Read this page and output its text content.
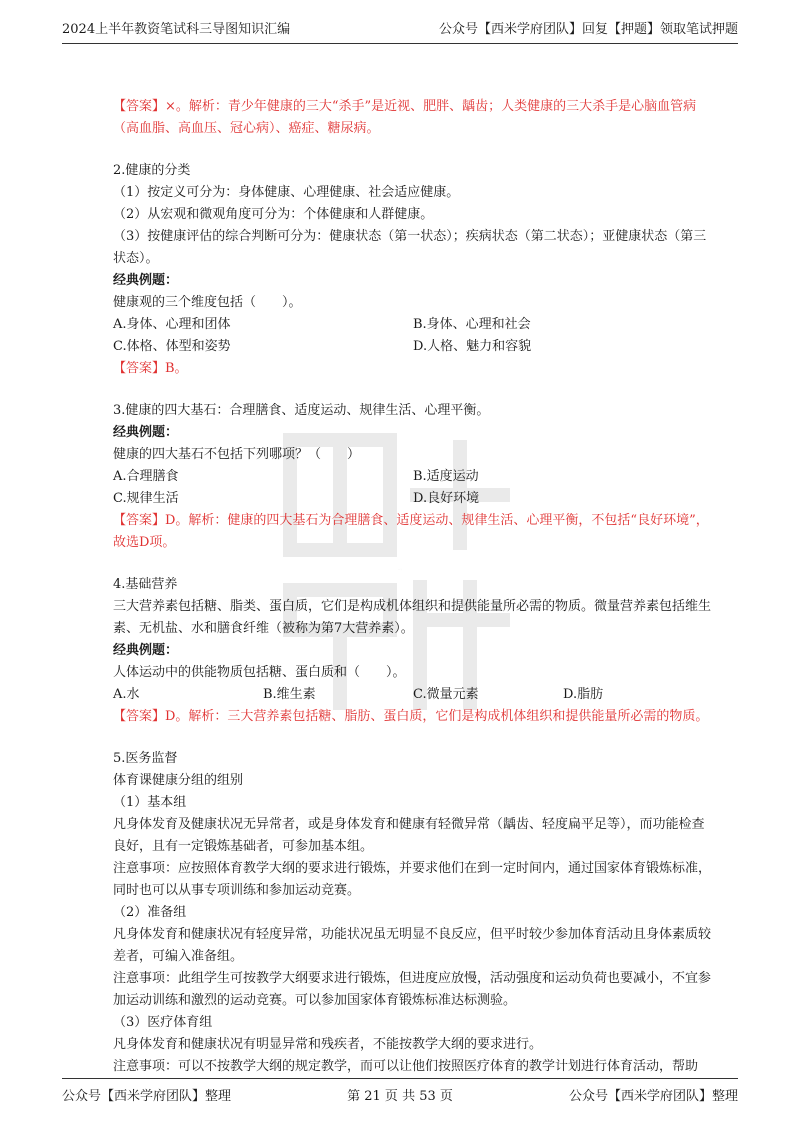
2024上半年教资笔试科三导图知识汇编	公众号【西米学府团队】回复【押题】领取笔试押题
西米学府

【答案】×。解析：青少年健康的三大“杀手”是近视、肥胖、龋齿；人类健康的三大杀手是心脑血管病（高血脂、高血压、冠心病）、癌症、糖尿病。

2.健康的分类

（1）按定义可分为：身体健康、心理健康、社会适应健康。

（2）从宏观和微观角度可分为：个体健康和人群健康。

（3）按健康评估的综合判断可分为：健康状态（第一状态）；疾病状态（第二状态）；亚健康状态（第三状态）。

经典例题：

健康观的三个维度包括（　　）。

A.身体、心理和团体	B.身体、心理和社会
C.体格、体型和姿势	D.人格、魅力和容貌

【答案】B。

3.健康的四大基石：合理膳食、适度运动、规律生活、心理平衡。

经典例题：

健康的四大基石不包括下列哪项？（　　）

A.合理膳食	B.适度运动
C.规律生活	D.良好环境

【答案】D。解析：健康的四大基石为合理膳食、适度运动、规律生活、心理平衡，不包括“良好环境”，故选D项。

4.基础营养

三大营养素包括糖、脂类、蛋白质，它们是构成机体组织和提供能量所必需的物质。微量营养素包括维生素、无机盐、水和膳食纤维（被称为第7大营养素）。

经典例题：

人体运动中的供能物质包括糖、蛋白质和（　　）。

A.水	B.维生素	C.微量元素	D.脂肪

【答案】D。解析：三大营养素包括糖、脂肪、蛋白质，它们是构成机体组织和提供能量所必需的物质。

5.医务监督

体育课健康分组的组别

（1）基本组

凡身体发育及健康状况无异常者，或是身体发育和健康有轻微异常（龋齿、轻度扁平足等），而功能检查良好，且有一定锻炼基础者，可参加基本组。

注意事项：应按照体育教学大纲的要求进行锻炼，并要求他们在到一定时间内，通过国家体育锻炼标准，同时也可以从事专项训练和参加运动竞赛。

（2）准备组

凡身体发育和健康状况有轻度异常，功能状况虽无明显不良反应，但平时较少参加体育活动且身体素质较差者，可编入准备组。

注意事项：此组学生可按教学大纲要求进行锻炼，但进度应放慢，活动强度和运动负荷也要减小，不宜参加运动训练和激烈的运动竞赛。可以参加国家体育锻炼标准达标测验。

（3）医疗体育组

凡身体发育和健康状况有明显异常和残疾者，不能按教学大纲的要求进行。

注意事项：可以不按教学大纲的规定教学，而可以让他们按照医疗体育的教学计划进行体育活动，帮助

公众号【西米学府团队】整理	第 21 页 共 53 页	公众号【西米学府团队】整理
